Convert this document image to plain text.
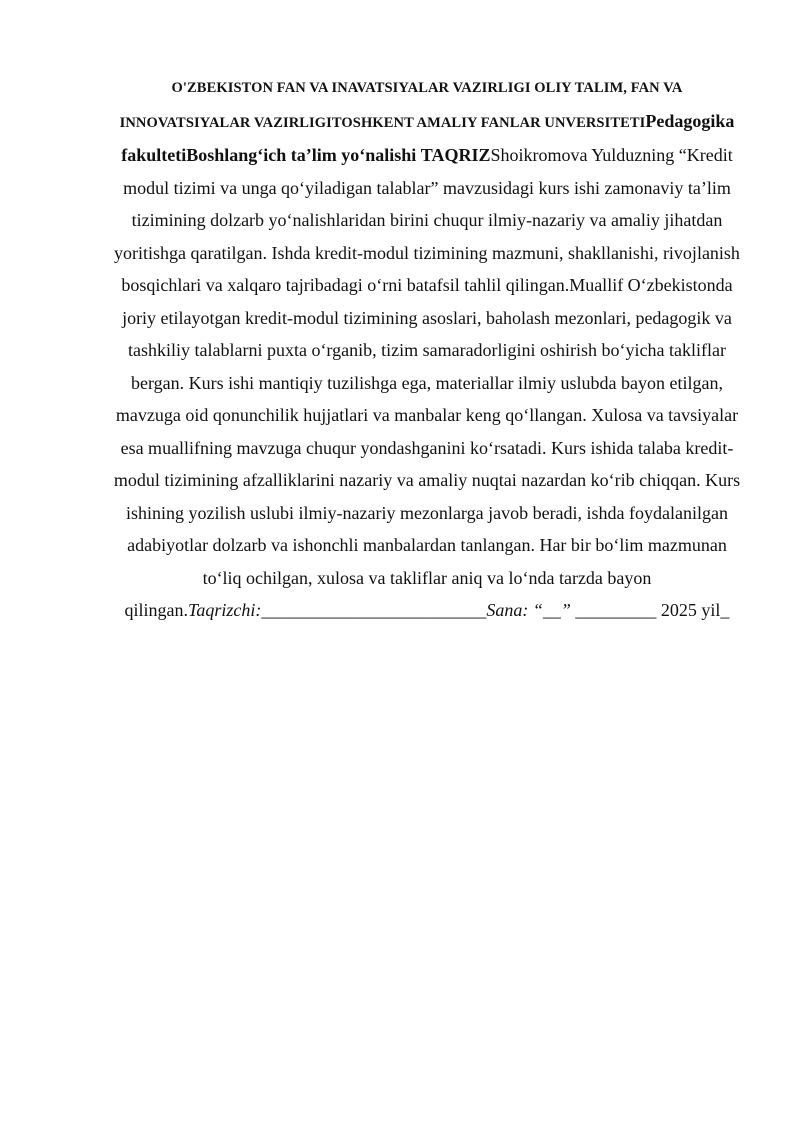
O'ZBEKISTON FAN VA INAVATSIYALAR VAZIRLIGI OLIY TALIM, FAN VA INNOVATSIYALAR VAZIRLIGITOSHKENT AMALIY FANLAR UNVERSITETIPedagogika fakultetiBoshlang‘ich ta’lim yo‘nalishi TAQRIZShoikromova Yulduzning “Kredit modul tizimi va unga qo‘yiladigan talablar” mavzusidagi kurs ishi zamonaviy ta’lim tizimining dolzarb yo‘nalishlaridan birini chuqur ilmiy-nazariy va amaliy jihatdan yoritishga qaratilgan. Ishda kredit-modul tizimining mazmuni, shakllanishi, rivojlanish bosqichlari va xalqaro tajribadagi o‘rni batafsil tahlil qilingan.Muallif O‘zbekistonda joriy etilayotgan kredit-modul tizimining asoslari, baholash mezonlari, pedagogik va tashkiliy talablarni puxta o‘rganib, tizim samaradorligini oshirish bo‘yicha takliflar bergan. Kurs ishi mantiqiy tuzilishga ega, materiallar ilmiy uslubda bayon etilgan, mavzuga oid qonunchilik hujjatlari va manbalar keng qo‘llangan. Xulosa va tavsiyalar esa muallifning mavzuga chuqur yondashganini ko‘rsatadi. Kurs ishida talaba kredit-modul tizimining afzalliklarini nazariy va amaliy nuqtai nazardan ko‘rib chiqqan. Kurs ishining yozilish uslubi ilmiy-nazariy mezonlarga javob beradi, ishda foydalanilgan adabiyotlar dolzarb va ishonchli manbalardan tanlangan. Har bir bo‘lim mazmunan to‘liq ochilgan, xulosa va takliflar aniq va lo‘nda tarzda bayon qilingan.Taqrizchi:_________________________Sana: “__” _________ 2025 yil_
